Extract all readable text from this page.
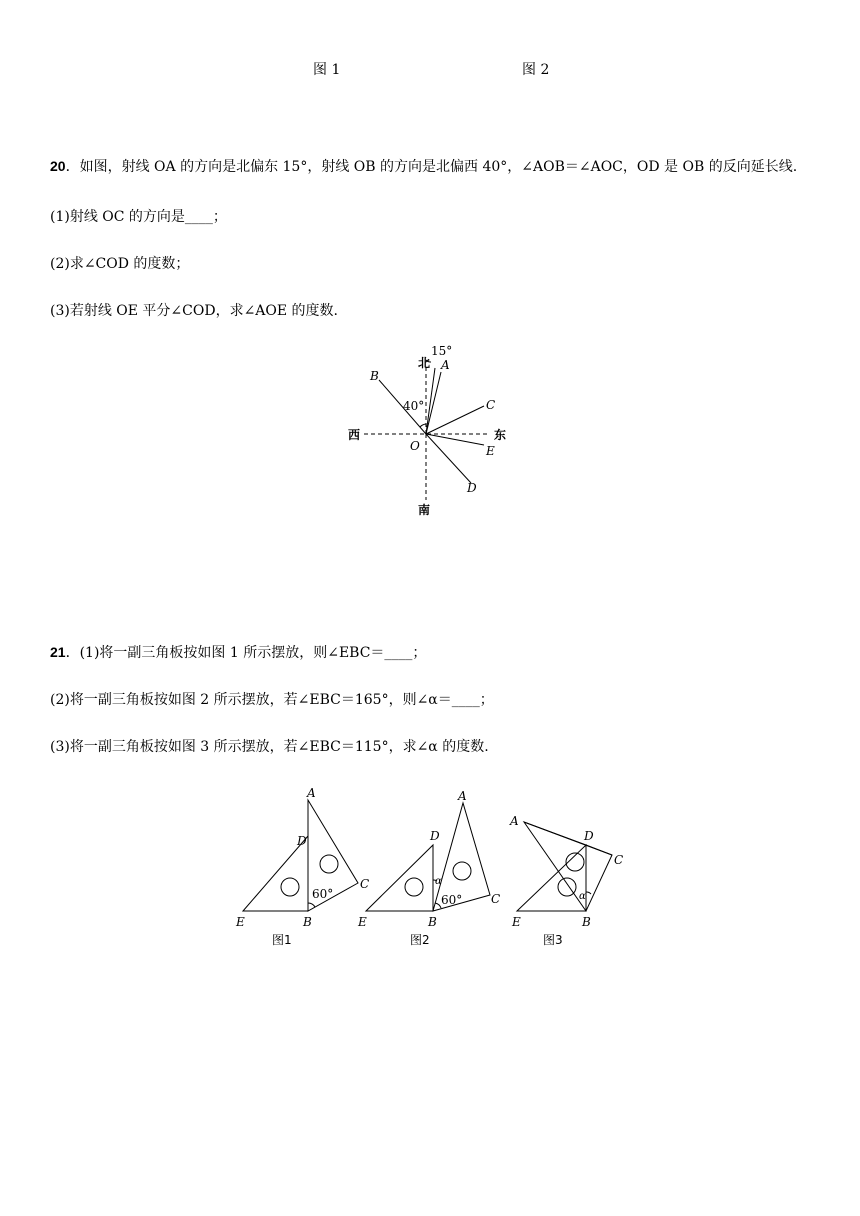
图 1	图 2
20．如图，射线 OA 的方向是北偏东 15°，射线 OB 的方向是北偏西 40°，∠AOB＝∠AOC，OD 是 OB 的反向延长线.
(1)射线 OC 的方向是____；
(2)求∠COD 的度数；
(3)若射线 OE 平分∠COD，求∠AOE 的度数.
北
15°
A
B
40°	C
西	东
O	E
D
南
21．(1)将一副三角板按如图 1 所示摆放，则∠EBC＝____；
(2)将一副三角板按如图 2 所示摆放，若∠EBC＝165°，则∠α＝____；
(3)将一副三角板按如图 3 所示摆放，若∠EBC＝115°，求∠α 的度数.
A
D
C
60°
E	B
图1
A
D
α
60° C
E	B
图2
A
D
C
α
E	B
图3
